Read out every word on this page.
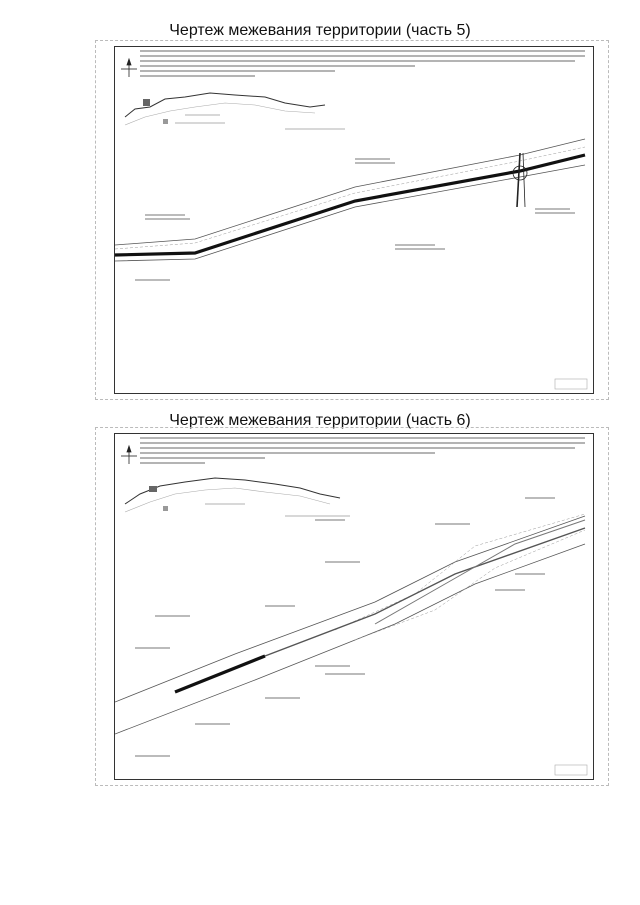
Чертеж межевания территории (часть 5)
Чертеж межевания территории (часть 6)
